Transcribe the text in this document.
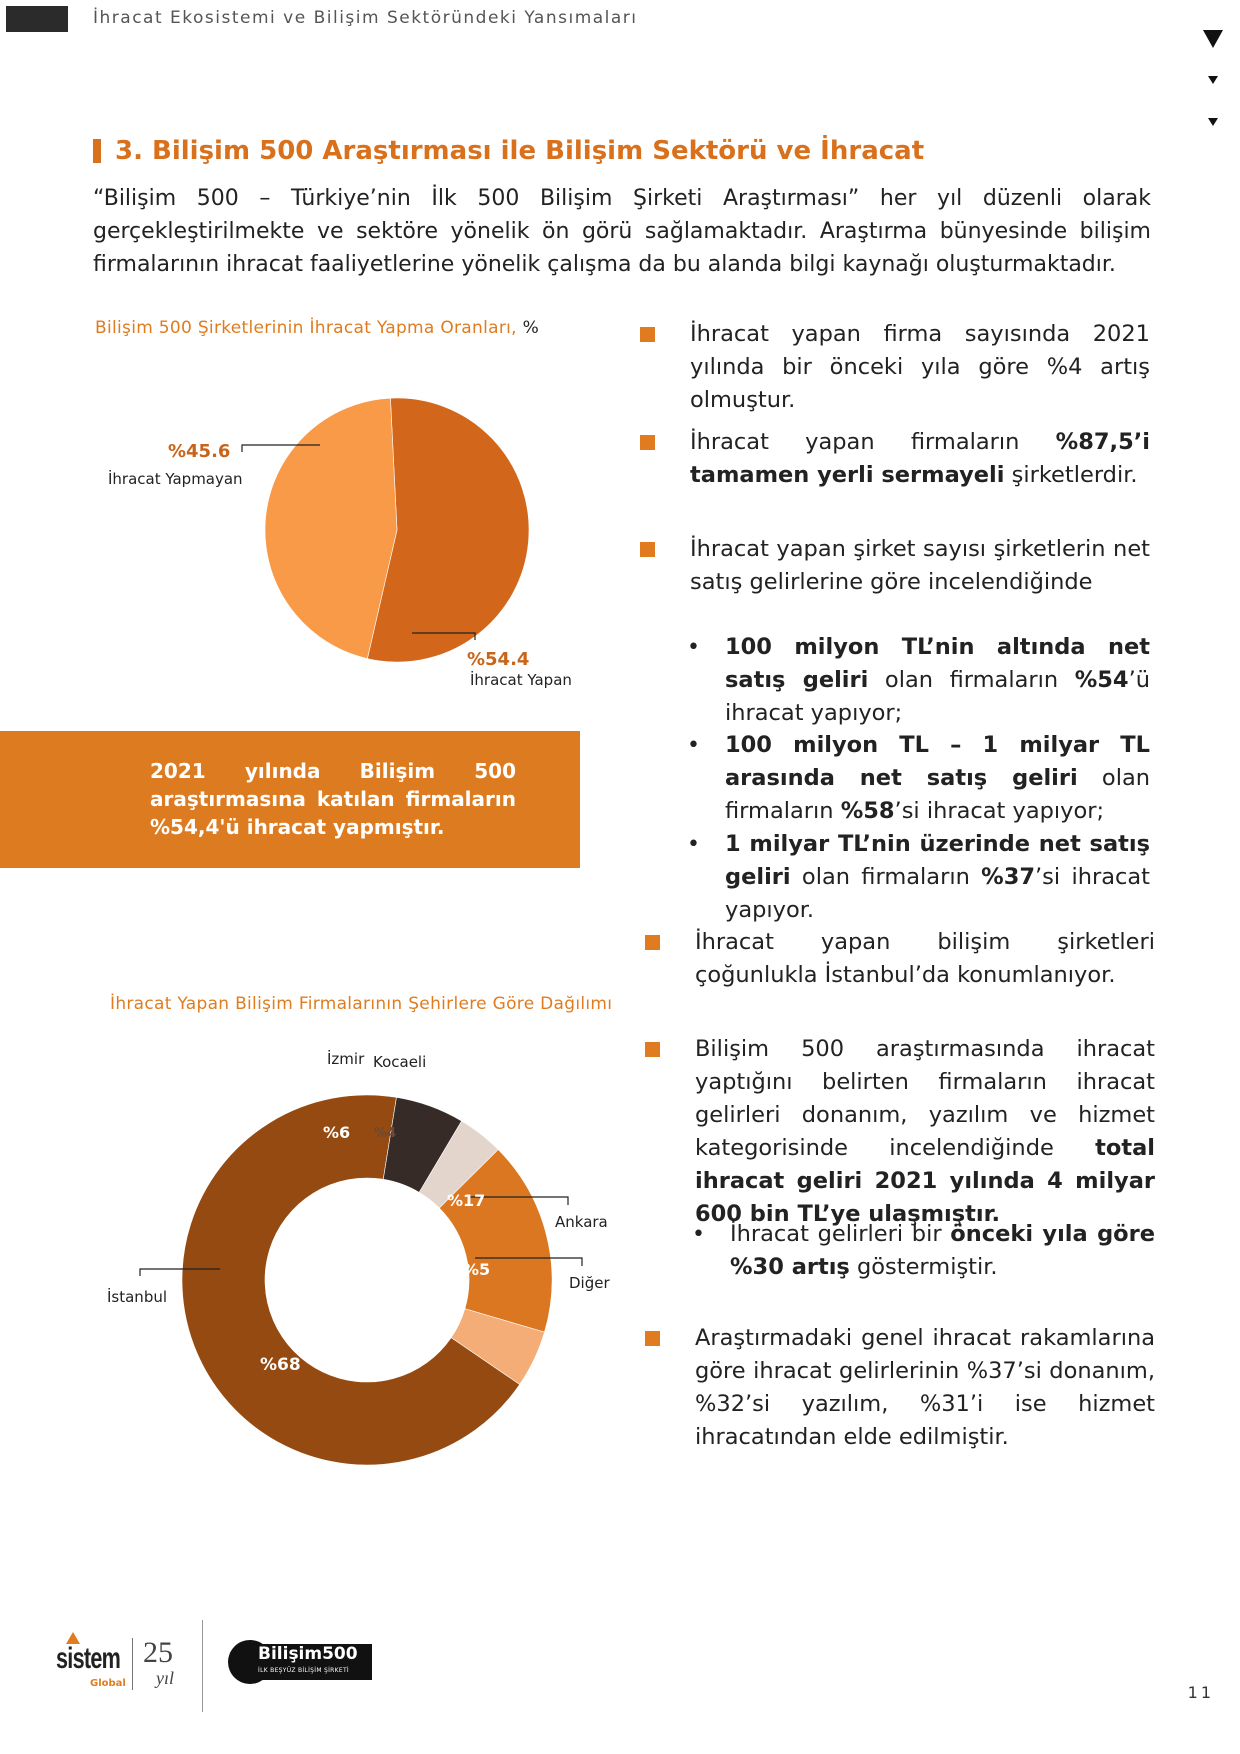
İhracat Ekosistemi ve Bilişim Sektöründeki Yansımaları
3. Bilişim 500 Araştırması ile Bilişim Sektörü ve İhracat
“Bilişim 500 – Türkiye’nin İlk 500 Bilişim Şirketi Araştırması” her yıl düzenli olarak gerçekleştirilmekte ve sektöre yönelik ön görü sağlamaktadır. Araştırma bünyesinde bilişim firmalarının ihracat faaliyetlerine yönelik çalışma da bu alanda bilgi kaynağı oluşturmaktadır.
Bilişim 500 Şirketlerinin İhracat Yapma Oranları, %
%45.6
İhracat Yapmayan
%54.4
İhracat Yapan
2021 yılında Bilişim 500 araştırmasına katılan firmaların %54,4'ü ihracat yapmıştır.
İhracat Yapan Bilişim Firmalarının Şehirlere Göre Dağılımı
İzmir Kocaeli
%6 %4
%17
%5
%68
Ankara
Diğer
İstanbul
İhracat yapan firma sayısında 2021 yılında bir önceki yıla göre %4 artış olmuştur.
İhracat yapan firmaların %87,5’i tamamen yerli sermayeli şirketlerdir.
İhracat yapan şirket sayısı şirketlerin net satış gelirlerine göre incelendiğinde
• 100 milyon TL’nin altında net satış geliri olan firmaların %54’ü ihracat yapıyor;
• 100 milyon TL – 1 milyar TL arasında net satış geliri olan firmaların %58’si ihracat yapıyor;
• 1 milyar TL’nin üzerinde net satış geliri olan firmaların %37’si ihracat yapıyor.
İhracat yapan bilişim şirketleri çoğunlukla İstanbul’da konumlanıyor.
Bilişim 500 araştırmasında ihracat yaptığını belirten firmaların ihracat gelirleri donanım, yazılım ve hizmet kategorisinde incelendiğinde total ihracat geliri 2021 yılında 4 milyar 600 bin TL’ye ulaşmıştır.
• İhracat gelirleri bir önceki yıla göre %30 artış göstermiştir.
Araştırmadaki genel ihracat rakamlarına göre ihracat gelirlerinin %37’si donanım, %32’si yazılım, %31’i ise hizmet ihracatından elde edilmiştir.
sistem
Global
25
yıl
Bilişim500
İLK BEŞYÜZ BİLİŞİM ŞİRKETİ
11
